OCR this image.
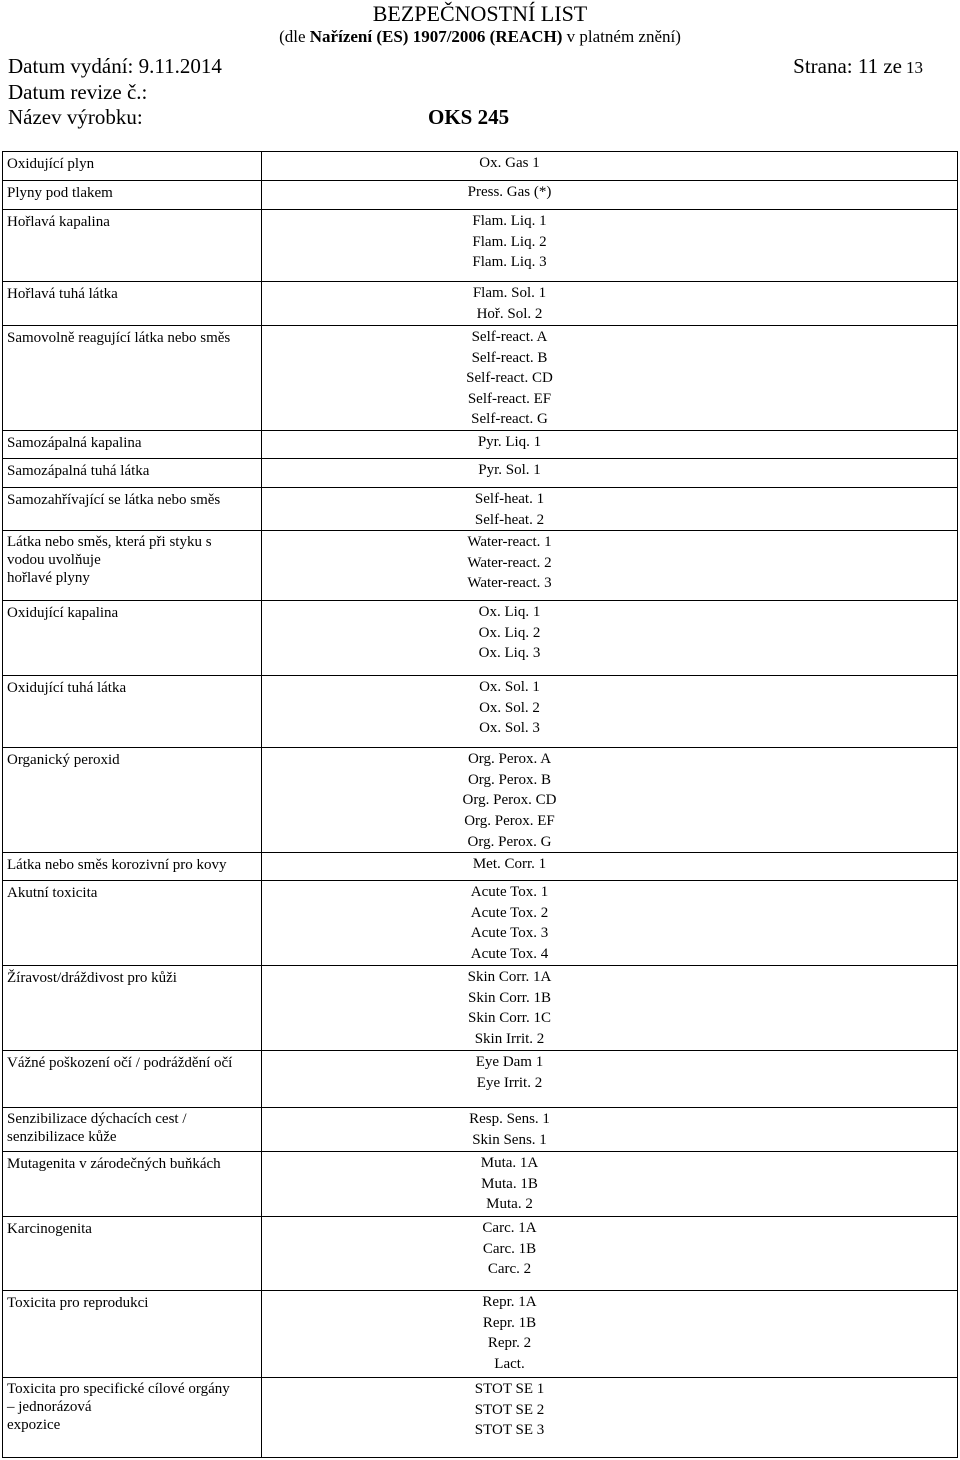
BEZPEČNOSTNÍ LIST
(dle Nařízení (ES) 1907/2006 (REACH) v platném znění)
Datum vydání: 9.11.2014	Strana: 11 ze 13
Datum revize č.:
Název výrobku:	OKS 245
Oxidující plyn	Ox. Gas 1

Plyny pod tlakem	Press. Gas (*)

Hořlavá kapalina	Flam. Liq. 1
Flam. Liq. 2
Flam. Liq. 3

Hořlavá tuhá látka	Flam. Sol. 1
Hoř. Sol. 2

Samovolně reagující látka nebo směs	Self-react. A
Self-react. B
Self-react. CD
Self-react. EF
Self-react. G

Samozápalná kapalina	Pyr. Liq. 1

Samozápalná tuhá látka	Pyr. Sol. 1

Samozahřívající se látka nebo směs	Self-heat. 1
Self-heat. 2

Látka nebo směs, která při styku s
vodou uvolňuje
hořlavé plyny	Water-react. 1
Water-react. 2
Water-react. 3

Oxidující kapalina	Ox. Liq. 1
Ox. Liq. 2
Ox. Liq. 3

Oxidující tuhá látka	Ox. Sol. 1
Ox. Sol. 2
Ox. Sol. 3

Organický peroxid	Org. Perox. A
Org. Perox. B
Org. Perox. CD
Org. Perox. EF
Org. Perox. G

Látka nebo směs korozivní pro kovy	Met. Corr. 1

Akutní toxicita	Acute Tox. 1
Acute Tox. 2
Acute Tox. 3
Acute Tox. 4

Žíravost/dráždivost pro kůži	Skin Corr. 1A
Skin Corr. 1B
Skin Corr. 1C
Skin Irrit. 2

Vážné poškození očí / podráždění očí	Eye Dam 1
Eye Irrit. 2

Senzibilizace dýchacích cest /
senzibilizace kůže	Resp. Sens. 1
Skin Sens. 1

Mutagenita v zárodečných buňkách	Muta. 1A
Muta. 1B
Muta. 2

Karcinogenita	Carc. 1A
Carc. 1B
Carc. 2

Toxicita pro reprodukci	Repr. 1A
Repr. 1B
Repr. 2
Lact.

Toxicita pro specifické cílové orgány
– jednorázová
expozice	STOT SE 1
STOT SE 2
STOT SE 3
